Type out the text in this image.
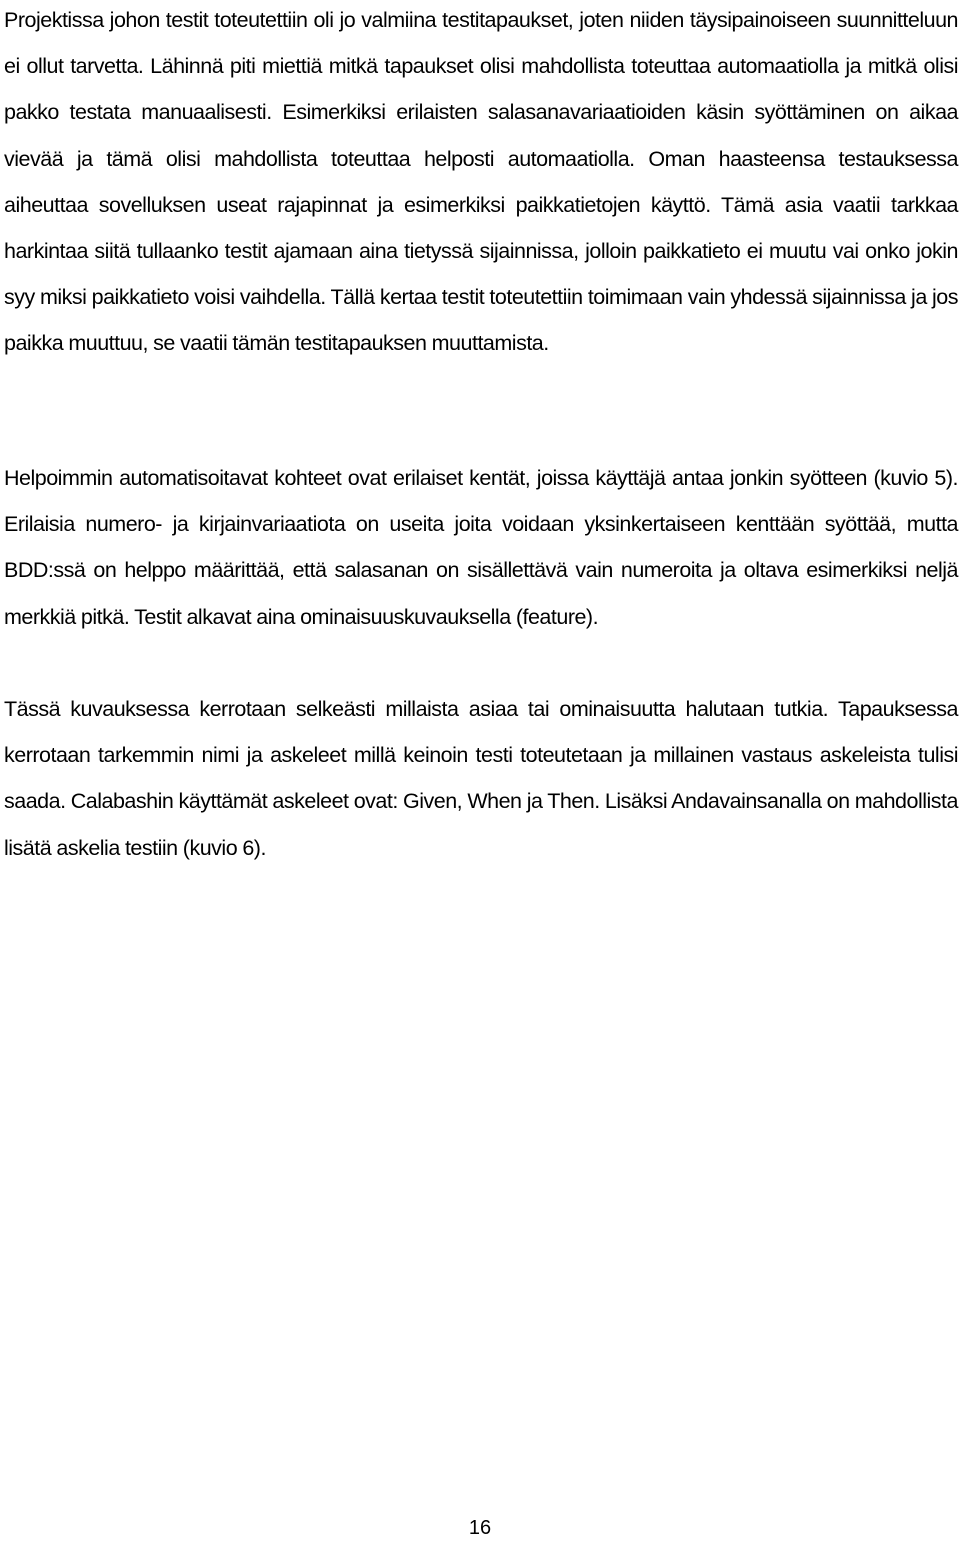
Projektissa johon testit toteutettiin oli jo valmiina testitapaukset, joten niiden täysipainoiseen suunnitteluun ei ollut tarvetta. Lähinnä piti miettiä mitkä tapaukset olisi mahdollista toteuttaa automaatiolla ja mitkä olisi pakko testata manuaalisesti. Esimerkiksi erilaisten salasanavariaatioiden käsin syöttäminen on aikaa vievää ja tämä olisi mahdollista toteuttaa helposti automaatiolla. Oman haasteensa testauksessa aiheuttaa sovelluksen useat rajapinnat ja esimerkiksi paikkatietojen käyttö. Tämä asia vaatii tarkkaa harkintaa siitä tullaanko testit ajamaan aina tietyssä sijainnissa, jolloin paikkatieto ei muutu vai onko jokin syy miksi paikkatieto voisi vaihdella. Tällä kertaa testit toteutettiin toimimaan vain yhdessä sijainnissa ja jos paikka muuttuu, se vaatii tämän testitapauksen muuttamista.

Helpoimmin automatisoitavat kohteet ovat erilaiset kentät, joissa käyttäjä antaa jonkin syötteen (kuvio 5). Erilaisia numero- ja kirjainvariaatiota on useita joita voidaan yksinkertaiseen kenttään syöttää, mutta BDD:ssä on helppo määrittää, että salasanan on sisällettävä vain numeroita ja oltava esimerkiksi neljä merkkiä pitkä. Testit alkavat aina ominaisuuskuvauksella (feature).

Tässä kuvauksessa kerrotaan selkeästi millaista asiaa tai ominaisuutta halutaan tutkia. Tapauksessa kerrotaan tarkemmin nimi ja askeleet millä keinoin testi toteutetaan ja millainen vastaus askeleista tulisi saada. Calabashin käyttämät askeleet ovat: Given, When ja Then. Lisäksi Andavainsanalla on mahdollista lisätä askelia testiin (kuvio 6).

16
